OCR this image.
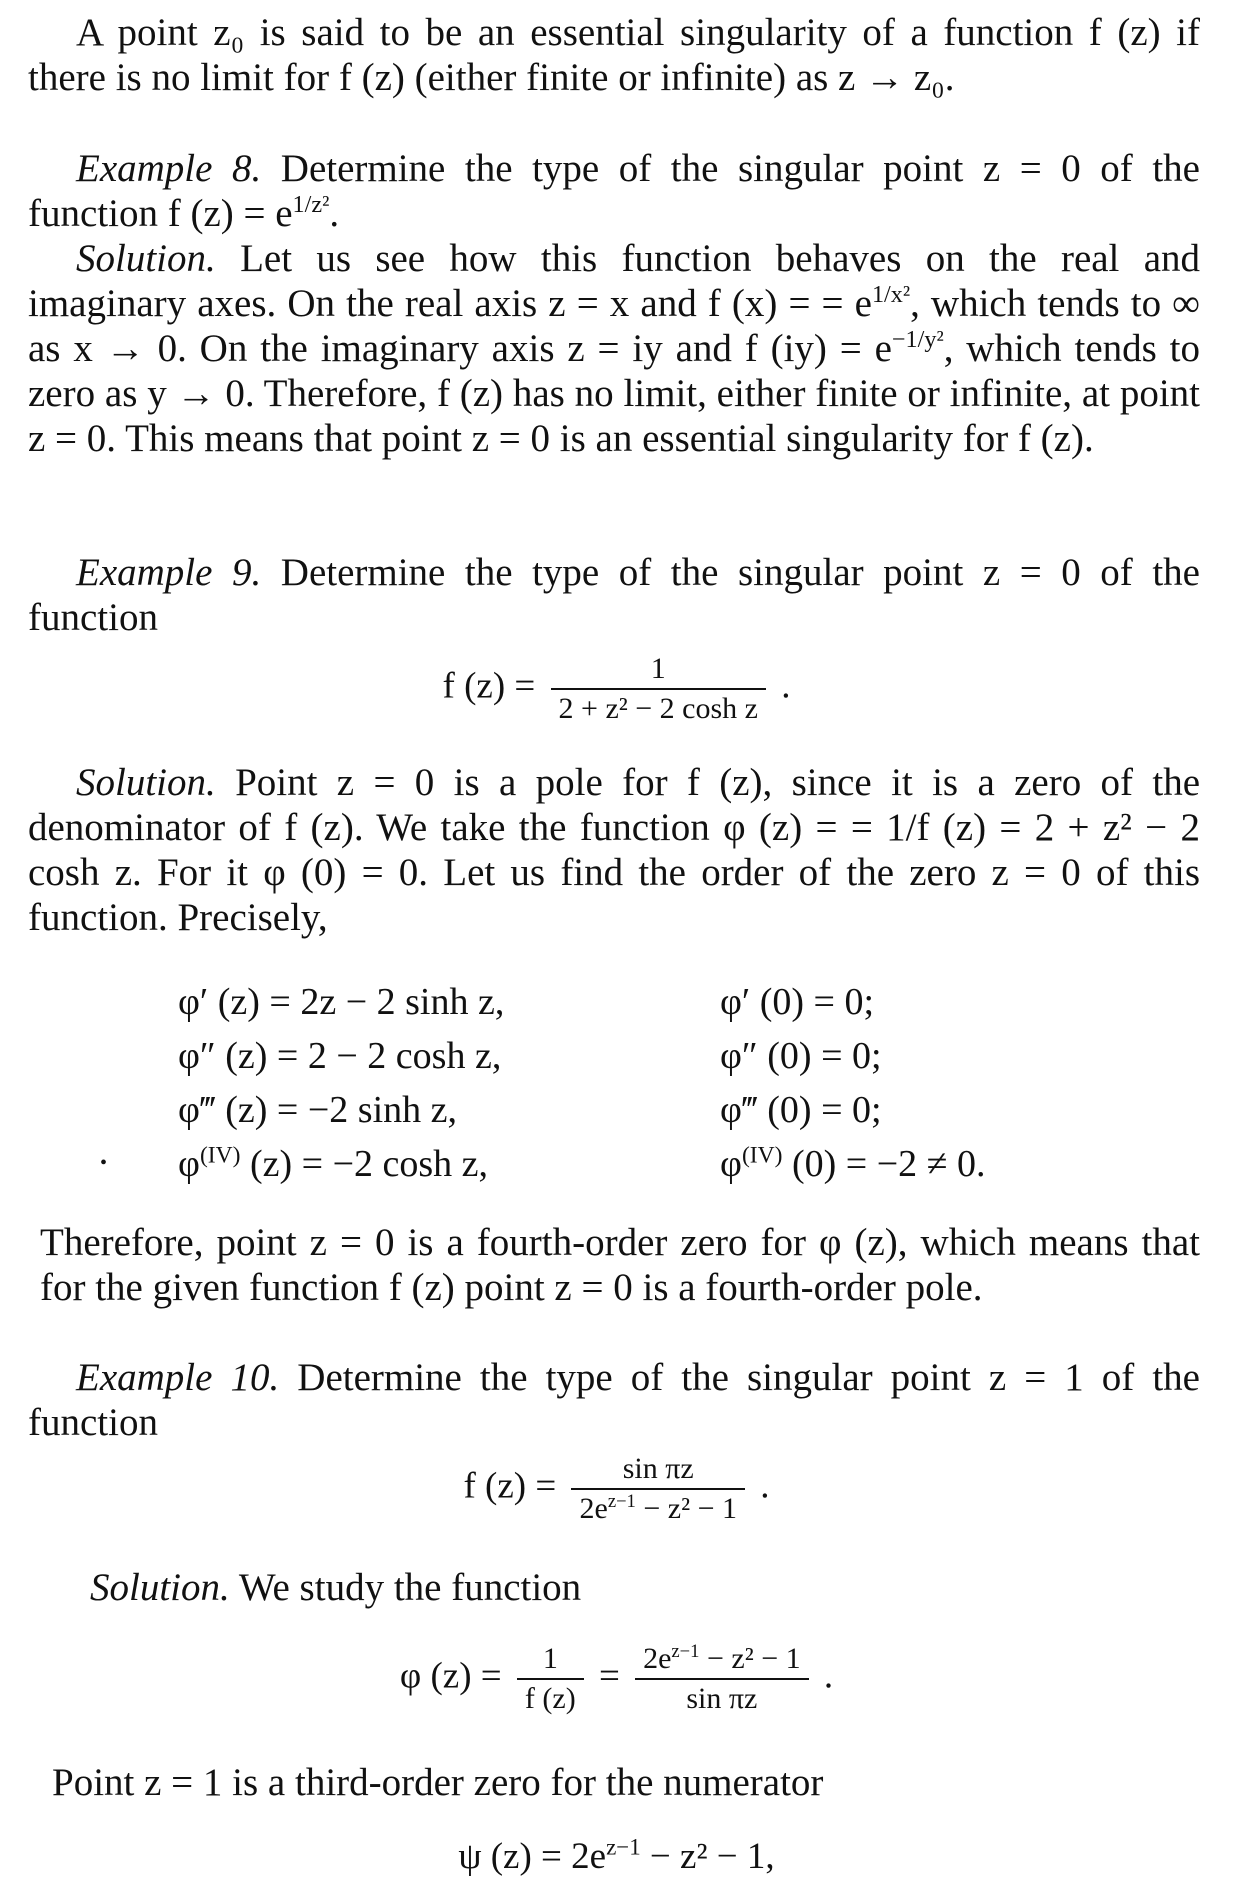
A point z₀ is said to be an essential singularity of a function f (z) if there is no limit for f (z) (either finite or infinite) as z → z₀.
Example 8. Determine the type of the singular point z = 0 of the function f $(z) = e^{1/z^2}$.
Solution. Let us see how this function behaves on the real and imaginary axes. On the real axis z = x and f (x) = = $e^{1/x^2}$, which tends to ∞ as x → 0. On the imaginary axis z = iy and f $(iy) = e^{-1/y^2}$, which tends to zero as y → 0. Therefore, f (z) has no limit, either finite or infinite, at point z = 0. This means that point z = 0 is an essential singularity for f (z).
Example 9. Determine the type of the singular point z = 0 of the function
f $(z) = \frac{1}{\text{2 + z² − 2 cosh z}}$ .
Solution. Point z = 0 is a pole for f (z), since it is a zero of the denominator of f (z). We take the function φ (z) = = 1/f (z) = 2 + z² − 2 cosh z. For it φ (0) = 0. Let us find the order of the zero z = 0 of this function. Precisely,
φ′ (z) = 2z − 2 sinh z,	φ′ (0) = 0;
φ″ (z) = 2 − 2 cosh z,	φ″ (0) = 0;
φ‴ (z) = −2 sinh z,	φ‴ (0) = 0;
• $\varphi^{(IV)}$ (z) = −2 cosh z,	$\varphi^{(IV)}$ (0) = −2 ≠ 0.
Therefore, point z = 0 is a fourth-order zero for φ (z), which means that for the given function f (z) point z = 0 is a fourth-order pole.
Example 10. Determine the type of the singular point z = 1 of the function
f $(z) = \frac{\text{sin πz}}{2e^{z-1} - z^2 - 1}$ .
Solution. We study the function
φ $(z) = \frac{1}{f (z)} = \frac{2e^{z-1} - z^2 - 1}{\text{sin πz}}$ .
Point z = 1 is a third-order zero for the numerator
ψ $(z) = 2e^{z-1} - z^2 - 1$,
